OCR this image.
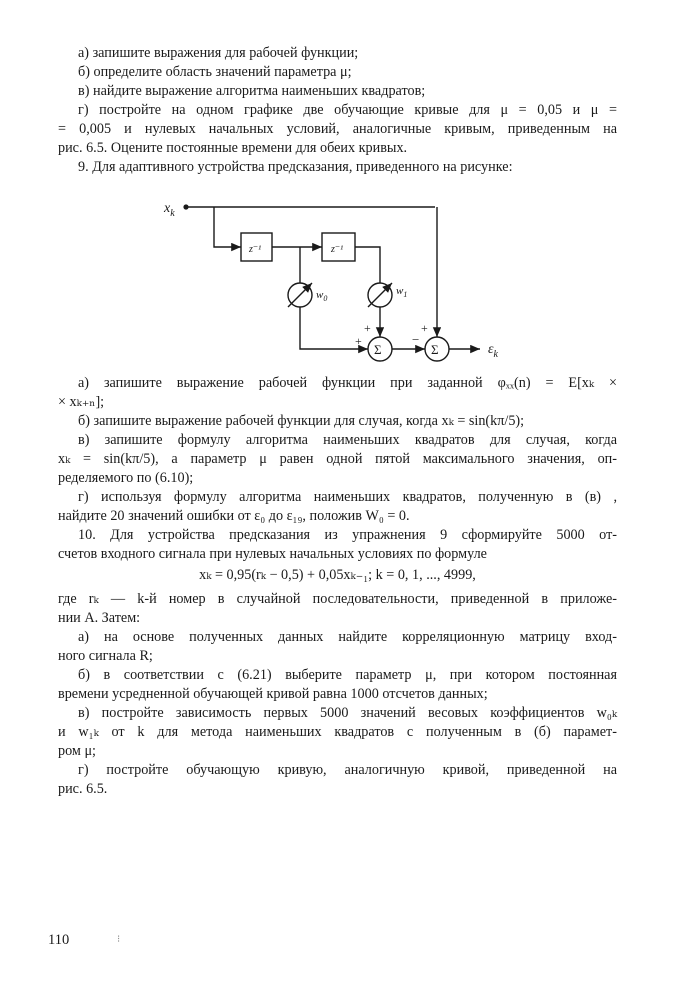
а) запишите выражения для рабочей функции;

б) определите область значений параметра μ;

в) найдите выражение алгоритма наименьших квадратов;

г) постройте на одном графике две обучающие кривые для μ = 0,05 и μ =

= 0,005 и нулевых начальных условий, аналогичные кривым, приведенным на

рис. 6.5. Оцените постоянные времени для обеих кривых.

9. Для адаптивного устройства предсказания, приведенного на рисунке:

$x_k$
z⁻¹	z⁻¹
$w_0$
$w_1$
Σ	Σ
+
+
+
−
$\varepsilon_k$

а) запишите выражение рабочей функции при заданной φₓₓ(n) = E[xₖ ×

× xₖ₊ₙ];

б) запишите выражение рабочей функции для случая, когда xₖ = sin(kπ/5);

в) запишите формулу алгоритма наименьших квадратов для случая, когда

xₖ = sin(kπ/5), а параметр μ равен одной пятой максимального значения, оп-

ределяемого по (6.10);

г) используя формулу алгоритма наименьших квадратов, полученную в (в) ,

найдите 20 значений ошибки от ε₀ до ε₁₉, положив W₀ = 0.

10. Для устройства предсказания из упражнения 9 сформируйте 5000 от-

счетов входного сигнала при нулевых начальных условиях по формуле

xₖ = 0,95(rₖ − 0,5) + 0,05xₖ₋₁; k = 0, 1, ..., 4999,

где rₖ — k-й номер в случайной последовательности, приведенной в приложе-

нии А. Затем:

а) на основе полученных данных найдите корреляционную матрицу вход-

ного сигнала R;

б) в соответствии с (6.21) выберите параметр μ, при котором постоянная

времени усредненной обучающей кривой равна 1000 отсчетов данных;

в) постройте зависимость первых 5000 значений весовых коэффициентов w₀ₖ

и w₁ₖ от k для метода наименьших квадратов с полученным в (б) парамет-

ром μ;

г) постройте обучающую кривую, аналогичную кривой, приведенной на

рис. 6.5.

110	⁝
